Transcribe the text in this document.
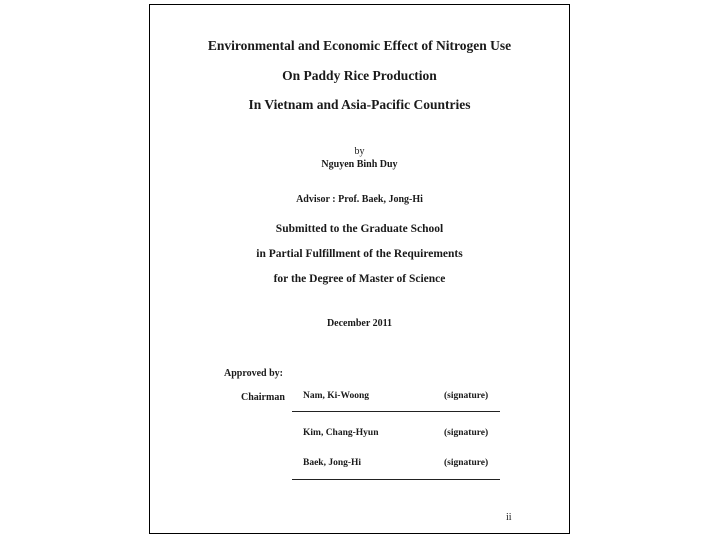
Environmental and Economic Effect of Nitrogen Use
On Paddy Rice Production
In Vietnam and Asia-Pacific Countries
by
Nguyen Binh Duy
Advisor : Prof. Baek, Jong-Hi
Submitted to the Graduate School
in Partial Fulfillment of the Requirements
for the Degree of Master of Science
December 2011
Approved by:
Chairman Nam, Ki-Woong	(signature)
Kim, Chang-Hyun	(signature)
Baek, Jong-Hi	(signature)
ii
